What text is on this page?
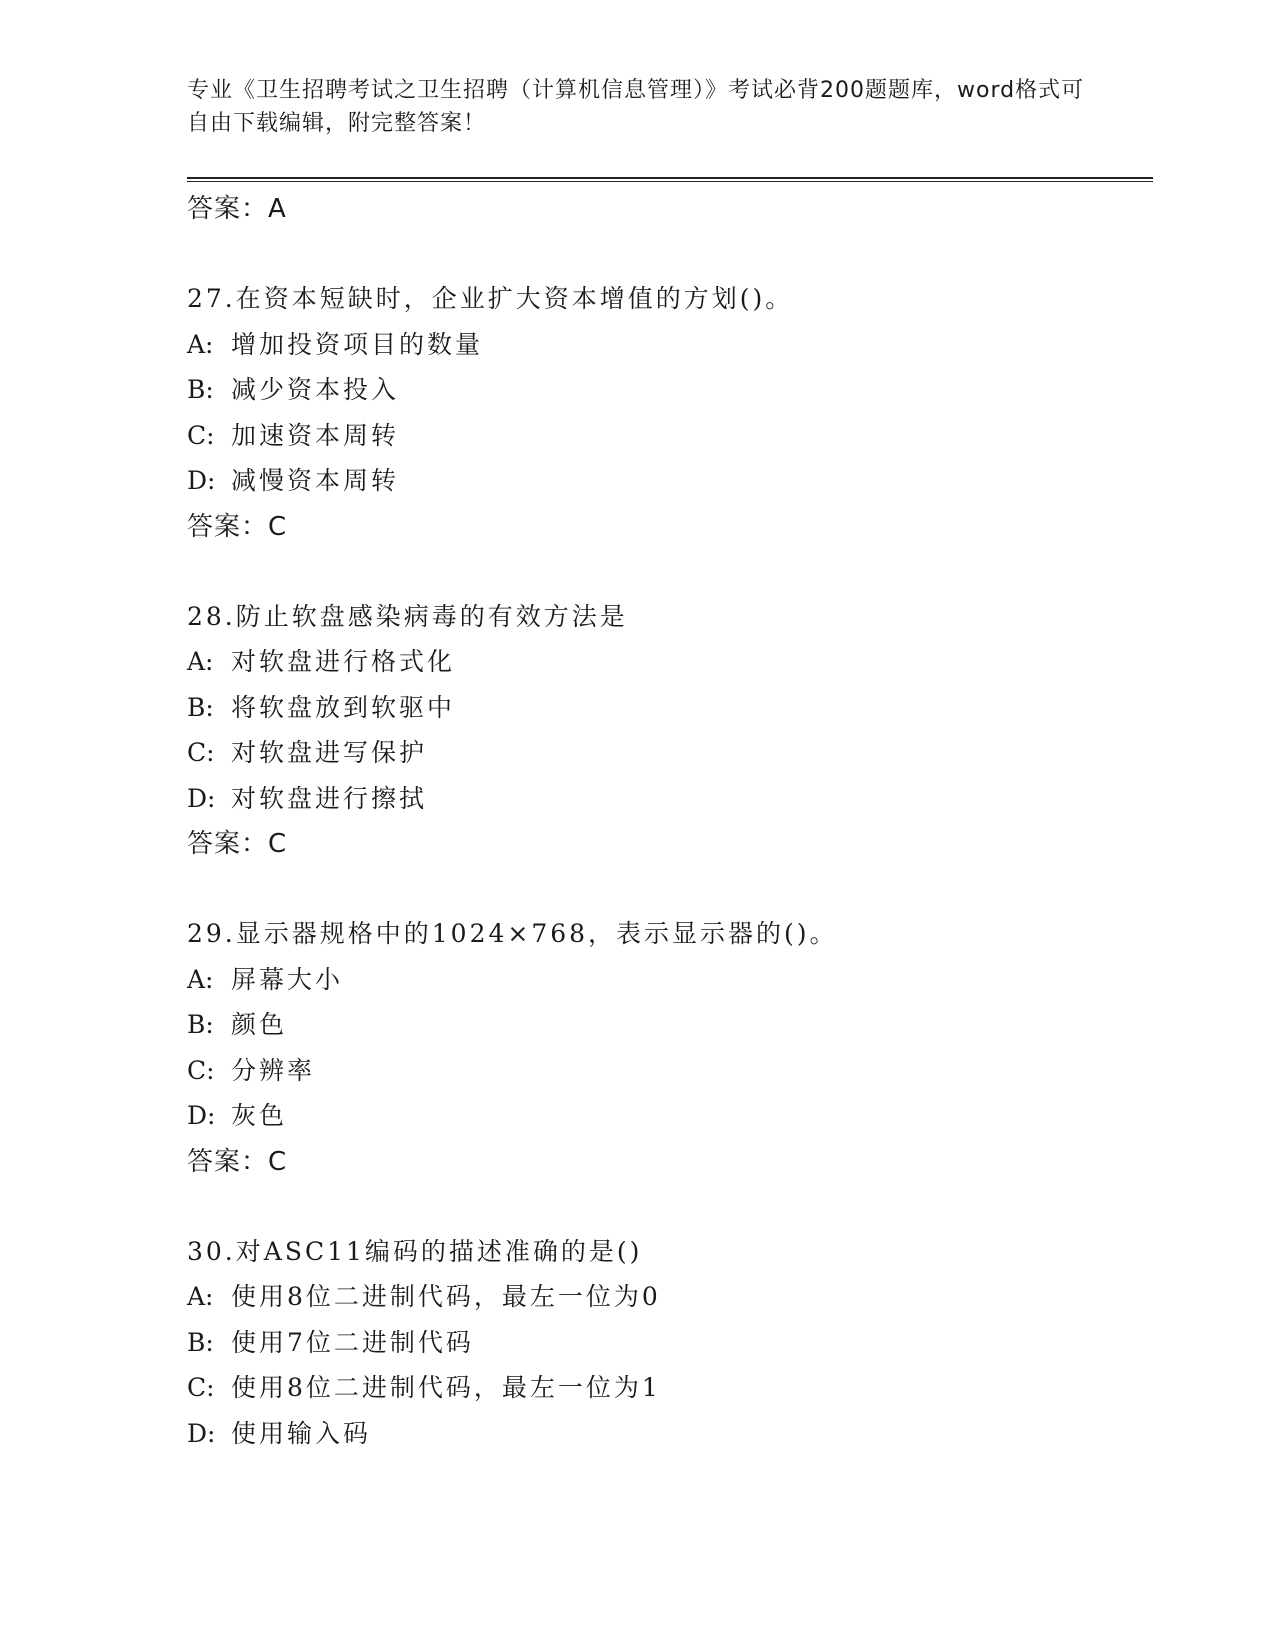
专业《卫生招聘考试之卫生招聘（计算机信息管理）》考试必背200题题库，word格式可自由下载编辑，附完整答案！
答案：A
27.在资本短缺时，企业扩大资本增值的方划()。
A: 增加投资项目的数量
B: 减少资本投入
C: 加速资本周转
D: 减慢资本周转
答案：C
28.防止软盘感染病毒的有效方法是
A: 对软盘进行格式化
B: 将软盘放到软驱中
C: 对软盘进写保护
D: 对软盘进行擦拭
答案：C
29.显示器规格中的1024×768，表示显示器的()。
A: 屏幕大小
B: 颜色
C: 分辨率
D: 灰色
答案：C
30.对ASC11编码的描述准确的是()
A: 使用8位二进制代码，最左一位为0
B: 使用7位二进制代码
C: 使用8位二进制代码，最左一位为1
D: 使用输入码
